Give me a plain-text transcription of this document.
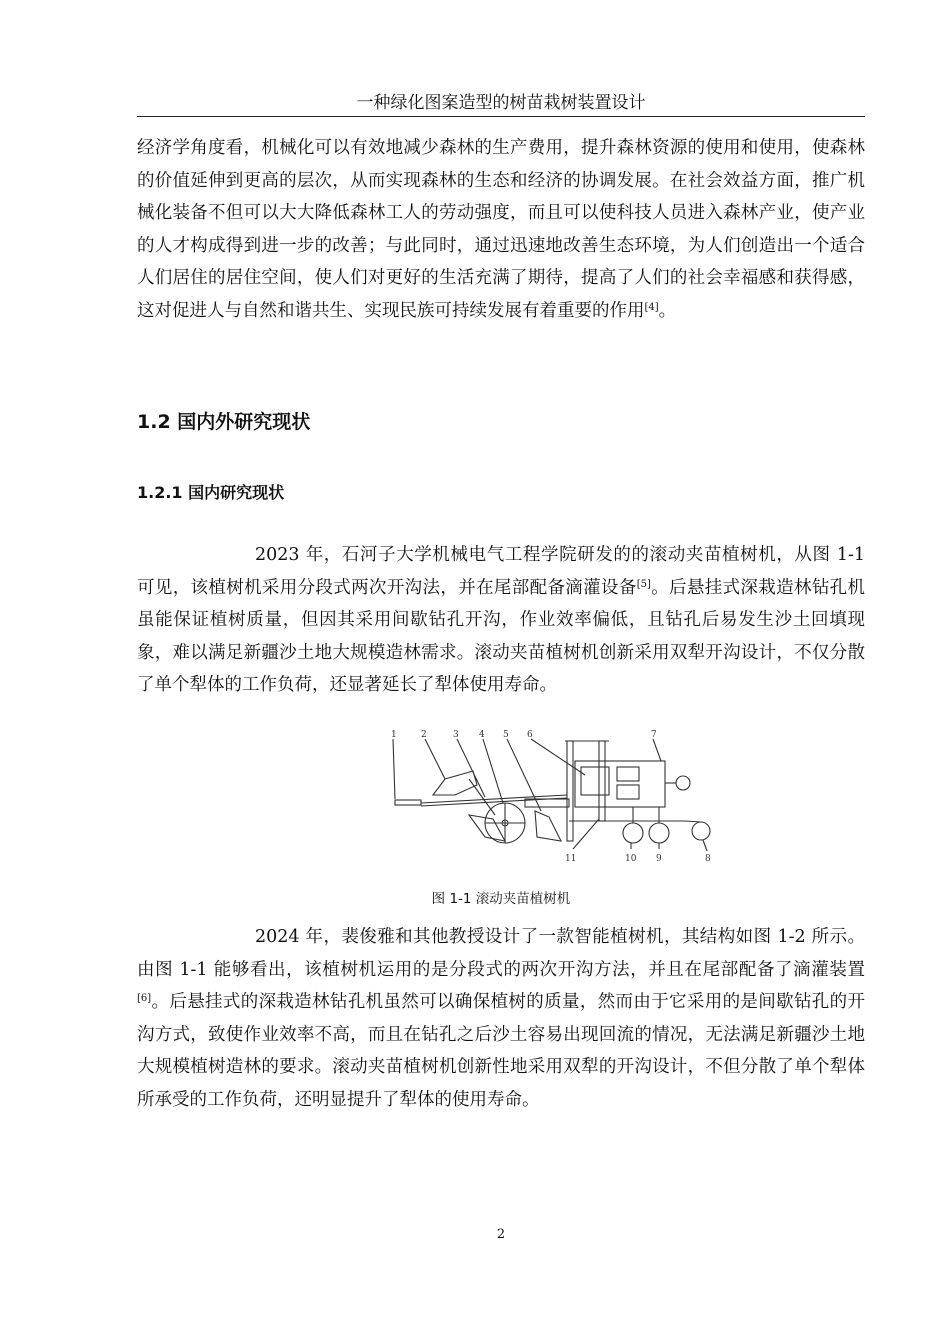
一种绿化图案造型的树苗栽树装置设计

经济学角度看，机械化可以有效地减少森林的生产费用，提升森林资源的使用和使用，使森林的价值延伸到更高的层次，从而实现森林的生态和经济的协调发展。在社会效益方面，推广机械化装备不但可以大大降低森林工人的劳动强度，而且可以使科技人员进入森林产业，使产业的人才构成得到进一步的改善；与此同时，通过迅速地改善生态环境，为人们创造出一个适合人们居住的居住空间，使人们对更好的生活充满了期待，提高了人们的社会幸福感和获得感，这对促进人与自然和谐共生、实现民族可持续发展有着重要的作用[4]。

1.2 国内外研究现状
1.2.1 国内研究现状

2023 年，石河子大学机械电气工程学院研发的的滚动夹苗植树机，从图 1-1 可见，该植树机采用分段式两次开沟法，并在尾部配备滴灌设备[5]。后悬挂式深栽造林钻孔机虽能保证植树质量，但因其采用间歇钻孔开沟，作业效率偏低，且钻孔后易发生沙土回填现象，难以满足新疆沙土地大规模造林需求。滚动夹苗植树机创新采用双犁开沟设计，不仅分散了单个犁体的工作负荷，还显著延长了犁体使用寿命。

1	2	3 4 5 6	7
8
9
10
11
图 1-1 滚动夹苗植树机

2024 年，裴俊雅和其他教授设计了一款智能植树机，其结构如图 1-2 所示。由图 1-1 能够看出，该植树机运用的是分段式的两次开沟方法，并且在尾部配备了滴灌装置[6]。后悬挂式的深栽造林钻孔机虽然可以确保植树的质量，然而由于它采用的是间歇钻孔的开沟方式，致使作业效率不高，而且在钻孔之后沙土容易出现回流的情况，无法满足新疆沙土地大规模植树造林的要求。滚动夹苗植树机创新性地采用双犁的开沟设计，不但分散了单个犁体所承受的工作负荷，还明显提升了犁体的使用寿命。

2
